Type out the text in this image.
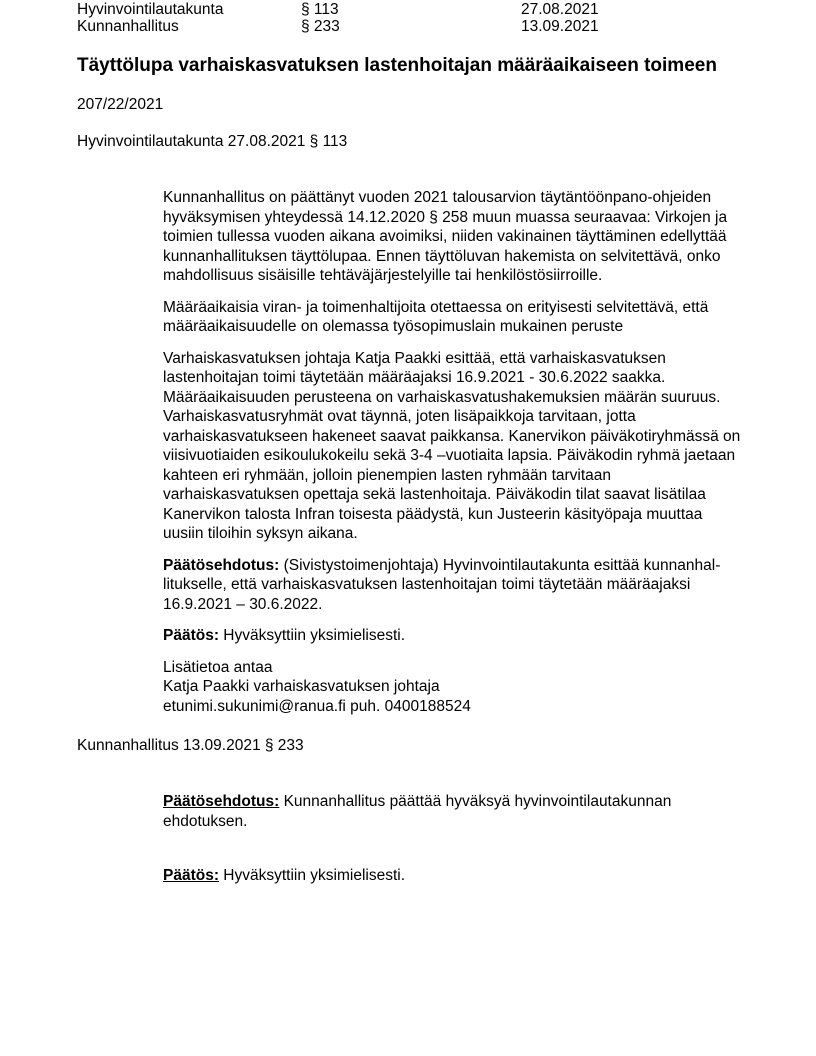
Hyvinvointilautakunta	§ 113	27.08.2021
Kunnanhallitus	§ 233	13.09.2021
Täyttölupa varhaiskasvatuksen lastenhoitajan määräaikaiseen toimeen
207/22/2021
Hyvinvointilautakunta 27.08.2021 § 113

Kunnanhallitus on päättänyt vuoden 2021 talousarvion täytäntöönpano-ohjeiden hyväksymisen yhteydessä 14.12.2020 § 258 muun muassa seuraavaa: Virkojen ja toimien tullessa vuoden aikana avoimiksi, niiden vakinainen täyttäminen edellyttää kunnanhallituksen täyttölupaa. Ennen täyttöluvan hakemista on selvitettävä, onko mahdollisuus sisäisille tehtäväjärjestelyille tai henkilöstösiirroille.

Määräaikaisia viran- ja toimenhaltijoita otettaessa on erityisesti selvitettävä, että määräaikaisuudelle on olemassa työsopimuslain mukainen peruste

Varhaiskasvatuksen johtaja Katja Paakki esittää, että varhaiskasvatuksen lastenhoitajan toimi täytetään määräajaksi 16.9.2021 - 30.6.2022 saakka. Määräaikaisuuden perusteena on varhaiskasvatushakemuksien määrän suuruus. Varhaiskasvatusryhmät ovat täynnä, joten lisäpaikkoja tarvitaan, jotta varhaiskasvatukseen hakeneet saavat paikkansa. Kanervikon päiväkotiryhmässä on viisivuotiaiden esikoulukokeilu sekä 3-4 –vuotiaita lapsia. Päiväkodin ryhmä jaetaan kahteen eri ryhmään, jolloin pienempien lasten ryhmään tarvitaan varhaiskasvatuksen opettaja sekä lastenhoitaja. Päiväkodin tilat saavat lisätilaa Kanervikon talosta Infran toisesta päädystä, kun Justeerin käsityöpaja muuttaa uusiin tiloihin syksyn aikana.

Päätösehdotus: (Sivistystoimenjohtaja) Hyvinvointilautakunta esittää kunnanhallitukselle, että varhaiskasvatuksen lastenhoitajan toimi täytetään määräajaksi 16.9.2021 – 30.6.2022.

Päätös: Hyväksyttiin yksimielisesti.

Lisätietoa antaa
Katja Paakki varhaiskasvatuksen johtaja
etunimi.sukunimi@ranua.fi puh. 0400188524
Kunnanhallitus 13.09.2021 § 233
Päätösehdotus: Kunnanhallitus päättää hyväksyä hyvinvointilautakunnan ehdotuksen.
Päätös: Hyväksyttiin yksimielisesti.
